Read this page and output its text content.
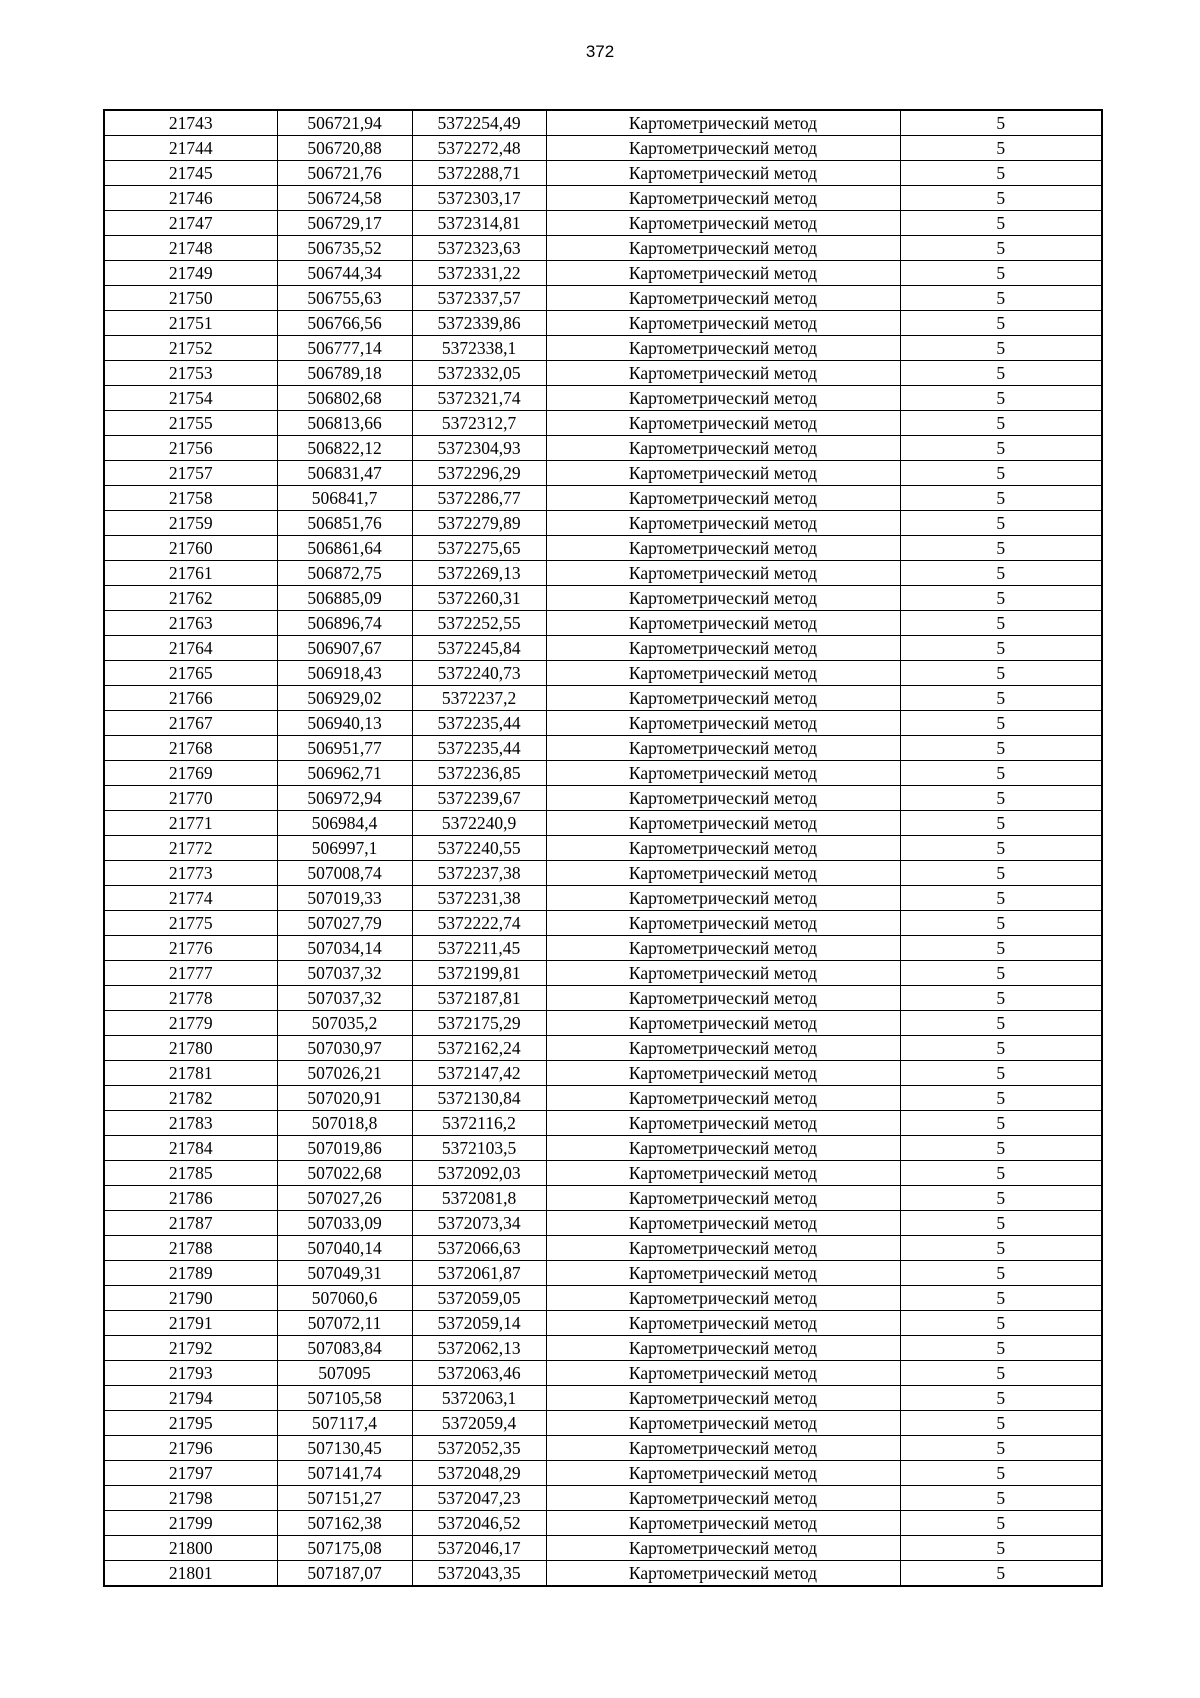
372
21743	506721,94	5372254,49	Картометрический метод	5
21744	506720,88	5372272,48	Картометрический метод	5
21745	506721,76	5372288,71	Картометрический метод	5
21746	506724,58	5372303,17	Картометрический метод	5
21747	506729,17	5372314,81	Картометрический метод	5
21748	506735,52	5372323,63	Картометрический метод	5
21749	506744,34	5372331,22	Картометрический метод	5
21750	506755,63	5372337,57	Картометрический метод	5
21751	506766,56	5372339,86	Картометрический метод	5
21752	506777,14	5372338,1	Картометрический метод	5
21753	506789,18	5372332,05	Картометрический метод	5
21754	506802,68	5372321,74	Картометрический метод	5
21755	506813,66	5372312,7	Картометрический метод	5
21756	506822,12	5372304,93	Картометрический метод	5
21757	506831,47	5372296,29	Картометрический метод	5
21758	506841,7	5372286,77	Картометрический метод	5
21759	506851,76	5372279,89	Картометрический метод	5
21760	506861,64	5372275,65	Картометрический метод	5
21761	506872,75	5372269,13	Картометрический метод	5
21762	506885,09	5372260,31	Картометрический метод	5
21763	506896,74	5372252,55	Картометрический метод	5
21764	506907,67	5372245,84	Картометрический метод	5
21765	506918,43	5372240,73	Картометрический метод	5
21766	506929,02	5372237,2	Картометрический метод	5
21767	506940,13	5372235,44	Картометрический метод	5
21768	506951,77	5372235,44	Картометрический метод	5
21769	506962,71	5372236,85	Картометрический метод	5
21770	506972,94	5372239,67	Картометрический метод	5
21771	506984,4	5372240,9	Картометрический метод	5
21772	506997,1	5372240,55	Картометрический метод	5
21773	507008,74	5372237,38	Картометрический метод	5
21774	507019,33	5372231,38	Картометрический метод	5
21775	507027,79	5372222,74	Картометрический метод	5
21776	507034,14	5372211,45	Картометрический метод	5
21777	507037,32	5372199,81	Картометрический метод	5
21778	507037,32	5372187,81	Картометрический метод	5
21779	507035,2	5372175,29	Картометрический метод	5
21780	507030,97	5372162,24	Картометрический метод	5
21781	507026,21	5372147,42	Картометрический метод	5
21782	507020,91	5372130,84	Картометрический метод	5
21783	507018,8	5372116,2	Картометрический метод	5
21784	507019,86	5372103,5	Картометрический метод	5
21785	507022,68	5372092,03	Картометрический метод	5
21786	507027,26	5372081,8	Картометрический метод	5
21787	507033,09	5372073,34	Картометрический метод	5
21788	507040,14	5372066,63	Картометрический метод	5
21789	507049,31	5372061,87	Картометрический метод	5
21790	507060,6	5372059,05	Картометрический метод	5
21791	507072,11	5372059,14	Картометрический метод	5
21792	507083,84	5372062,13	Картометрический метод	5
21793	507095	5372063,46	Картометрический метод	5
21794	507105,58	5372063,1	Картометрический метод	5
21795	507117,4	5372059,4	Картометрический метод	5
21796	507130,45	5372052,35	Картометрический метод	5
21797	507141,74	5372048,29	Картометрический метод	5
21798	507151,27	5372047,23	Картометрический метод	5
21799	507162,38	5372046,52	Картометрический метод	5
21800	507175,08	5372046,17	Картометрический метод	5
21801	507187,07	5372043,35	Картометрический метод	5
